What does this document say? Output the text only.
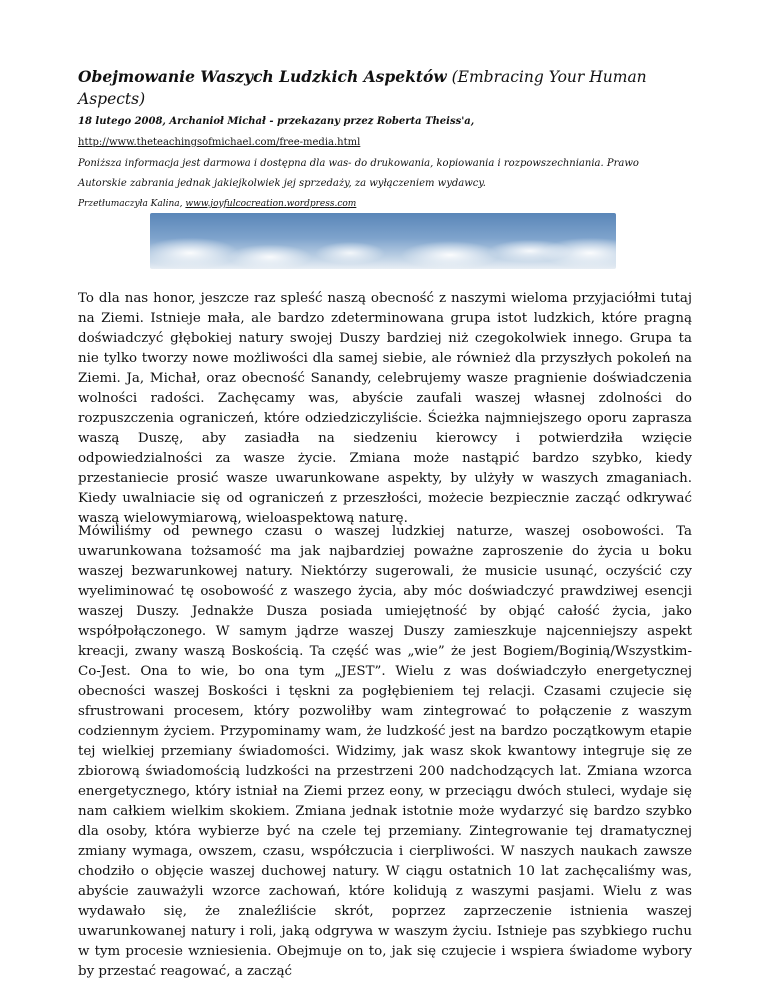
Obejmowanie Waszych Ludzkich Aspektów (Embracing Your Human Aspects)
18 lutego 2008, Archanioł Michał - przekazany przez Roberta Theiss'a,
http://www.theteachingsofmichael.com/free-media.html
Poniższa informacja jest darmowa i dostępna dla was- do drukowania, kopiowania i rozpowszechniania. Prawo
Autorskie zabrania jednak jakiejkolwiek jej sprzedaży, za wyłączeniem wydawcy.
Przetłumaczyła Kalina, www.joyfulcocreation.wordpress.com

To dla nas honor, jeszcze raz spleść naszą obecność z naszymi wieloma przyjaciółmi tutaj na Ziemi. Istnieje mała, ale bardzo zdeterminowana grupa istot ludzkich, które pragną doświadczyć głębokiej natury swojej Duszy bardziej niż czegokolwiek innego. Grupa ta nie tylko tworzy nowe możliwości dla samej siebie, ale również dla przyszłych pokoleń na Ziemi. Ja, Michał, oraz obecność Sanandy, celebrujemy wasze pragnienie doświadczenia wolności radości. Zachęcamy was, abyście zaufali waszej własnej zdolności do rozpuszczenia ograniczeń, które odziedziczyliście. Ścieżka najmniejszego oporu zaprasza waszą Duszę, aby zasiadła na siedzeniu kierowcy i potwierdziła wzięcie odpowiedzialności za wasze życie. Zmiana może nastąpić bardzo szybko, kiedy przestaniecie prosić wasze uwarunkowane aspekty, by ulżyły w waszych zmaganiach. Kiedy uwalniacie się od ograniczeń z przeszłości, możecie bezpiecznie zacząć odkrywać waszą wielowymiarową, wieloaspektową naturę.

Mówiliśmy od pewnego czasu o waszej ludzkiej naturze, waszej osobowości. Ta uwarunkowana tożsamość ma jak najbardziej poważne zaproszenie do życia u boku waszej bezwarunkowej natury. Niektórzy sugerowali, że musicie usunąć, oczyścić czy wyeliminować tę osobowość z waszego życia, aby móc doświadczyć prawdziwej esencji waszej Duszy. Jednakże Dusza posiada umiejętność by objąć całość życia, jako współpołączonego. W samym jądrze waszej Duszy zamieszkuje najcenniejszy aspekt kreacji, zwany waszą Boskością. Ta część was „wie” że jest Bogiem/Boginią/Wszystkim-Co-Jest. Ona to wie, bo ona tym „JEST”. Wielu z was doświadczyło energetycznej obecności waszej Boskości i tęskni za pogłębieniem tej relacji. Czasami czujecie się sfrustrowani procesem, który pozwoliłby wam zintegrować to połączenie z waszym codziennym życiem. Przypominamy wam, że ludzkość jest na bardzo początkowym etapie tej wielkiej przemiany świadomości. Widzimy, jak wasz skok kwantowy integruje się ze zbiorową świadomością ludzkości na przestrzeni 200 nadchodzących lat. Zmiana wzorca energetycznego, który istniał na Ziemi przez eony, w przeciągu dwóch stuleci, wydaje się nam całkiem wielkim skokiem. Zmiana jednak istotnie może wydarzyć się bardzo szybko dla osoby, która wybierze być na czele tej przemiany. Zintegrowanie tej dramatycznej zmiany wymaga, owszem, czasu, współczucia i cierpliwości. W naszych naukach zawsze chodziło o objęcie waszej duchowej natury. W ciągu ostatnich 10 lat zachęcaliśmy was, abyście zauważyli wzorce zachowań, które kolidują z waszymi pasjami. Wielu z was wydawało się, że znaleźliście skrót, poprzez zaprzeczenie istnienia waszej uwarunkowanej natury i roli, jaką odgrywa w waszym życiu. Istnieje pas szybkiego ruchu w tym procesie wzniesienia. Obejmuje on to, jak się czujecie i wspiera świadome wybory by przestać reagować, a zacząć
